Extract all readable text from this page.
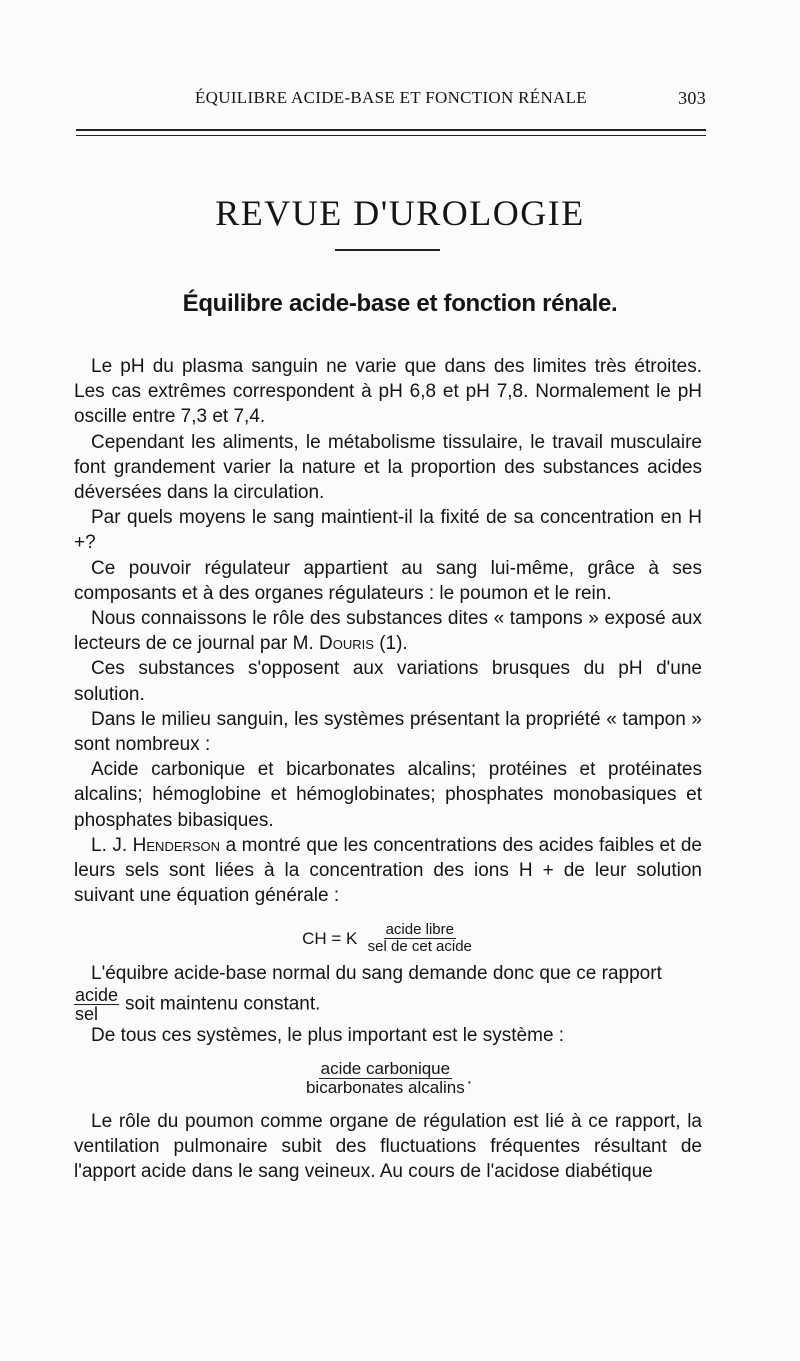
ÉQUILIBRE ACIDE-BASE ET FONCTION RÉNALE	303
REVUE D'UROLOGIE
Équilibre acide-base et fonction rénale.

Le pH du plasma sanguin ne varie que dans des limites très étroites. Les cas extrêmes correspondent à pH 6,8 et pH 7,8. Normalement le pH oscille entre 7,3 et 7,4.

Cependant les aliments, le métabolisme tissulaire, le travail musculaire font grandement varier la nature et la proportion des substances acides déversées dans la circulation.

Par quels moyens le sang maintient-il la fixité de sa concentration en H +?

Ce pouvoir régulateur appartient au sang lui-même, grâce à ses composants et à des organes régulateurs : le poumon et le rein.

Nous connaissons le rôle des substances dites « tampons » exposé aux lecteurs de ce journal par M. Douris (1).

Ces substances s'opposent aux variations brusques du pH d'une solution.

Dans le milieu sanguin, les systèmes présentant la propriété « tampon » sont nombreux :

Acide carbonique et bicarbonates alcalins; protéines et protéinates alcalins; hémoglobine et hémoglobinates; phosphates monobasiques et phosphates bibasiques.

L. J. Henderson a montré que les concentrations des acides faibles et de leurs sels sont liées à la concentration des ions H + de leur solution suivant une équation générale :

CH = K $\frac{\text{acide libre}}{\text{sel de cet acide}}$

L'équibre acide-base normal du sang demande donc que ce rapport

$\frac{\text{acide}}{\text{sel}}$ soit maintenu constant.

De tous ces systèmes, le plus important est le système :

$\frac{\text{acide carbonique}}{\text{bicarbonates alcalins}}$ .

Le rôle du poumon comme organe de régulation est lié à ce rapport, la ventilation pulmonaire subit des fluctuations fréquentes résultant de l'apport acide dans le sang veineux. Au cours de l'acidose diabétique
